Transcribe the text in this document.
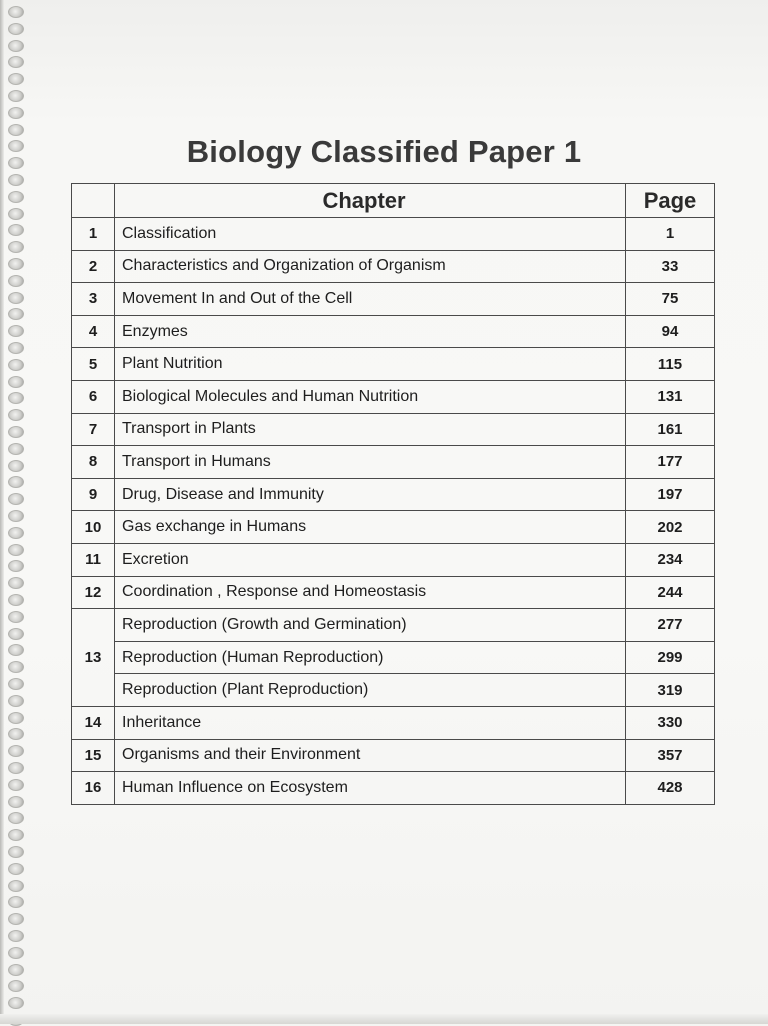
Biology Classified Paper 1
	Chapter	Page
1	Classification	1
2	Characteristics and Organization of Organism	33
3	Movement In and Out of the Cell	75
4	Enzymes	94
5	Plant Nutrition	115
6	Biological Molecules and Human Nutrition	131
7	Transport in Plants	161
8	Transport in Humans	177
9	Drug, Disease and Immunity	197
10	Gas exchange in Humans	202
11	Excretion	234
12	Coordination , Response and Homeostasis	244
13	Reproduction (Growth and Germination)	277
	Reproduction (Human Reproduction)	299
	Reproduction (Plant Reproduction)	319
14	Inheritance	330
15	Organisms and their Environment	357
16	Human Influence on Ecosystem	428
